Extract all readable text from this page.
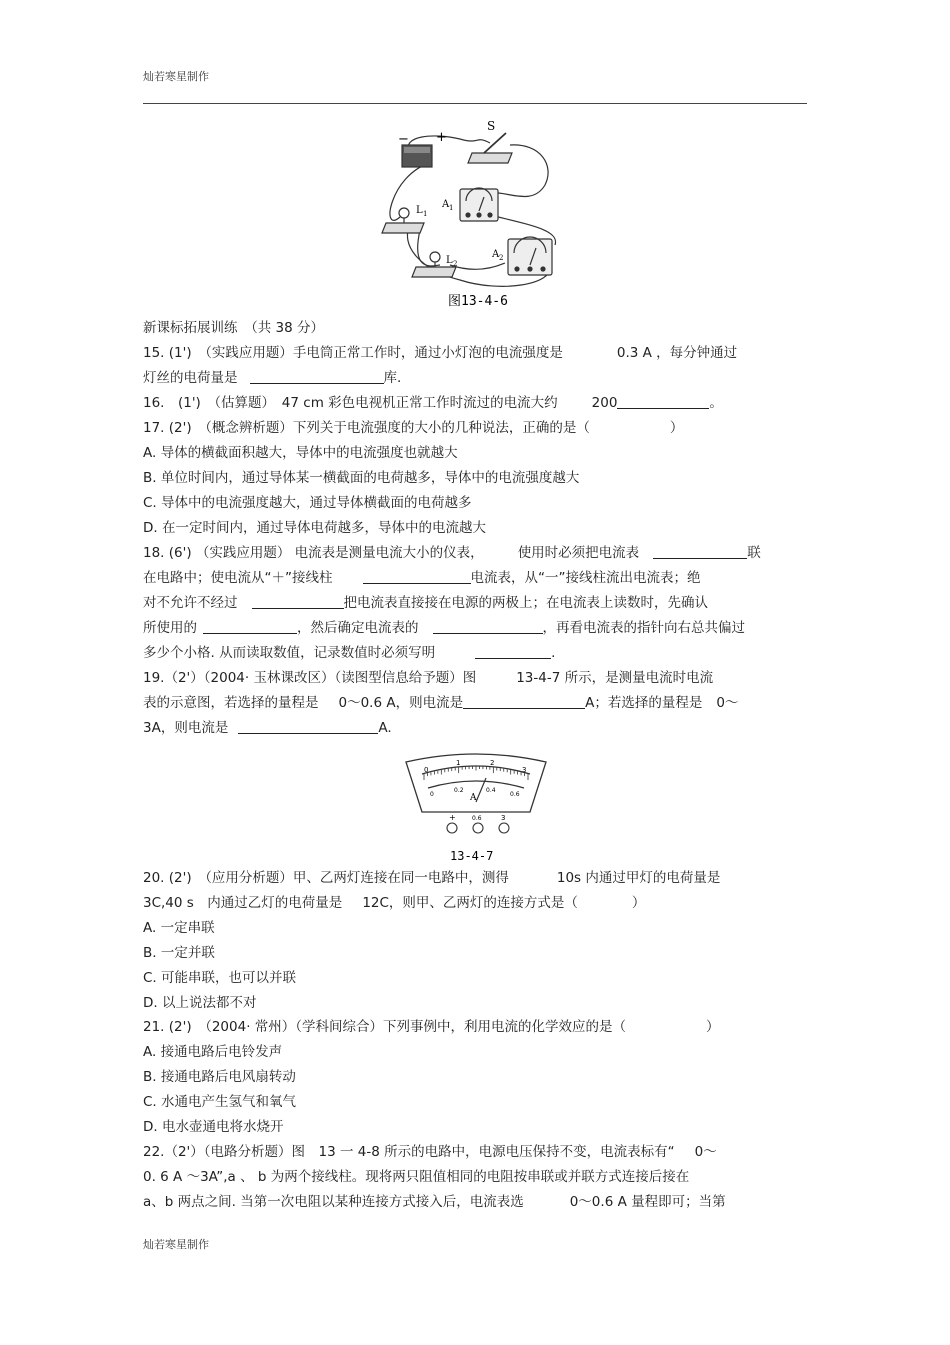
灿若寒星制作
− +
S
L 1
A 1
L 2
A 2
图13-4-6
0
1	2
3
0
0.2	0.4
0.6
A
+	0.6	3
13-4-7
新课标拓展训练　（共 38 分）
15. (1')　（实践应用题）手电筒正常工作时，通过小灯泡的电流强度是	0.3 A ，每分钟通过
灯丝的电荷量是	库.
16.　(1')　（估算题）　47 cm 彩色电视机正常工作时流过的电流大约	200	。
17. (2')　（概念辨析题）下列关于电流强度的大小的几种说法，正确的是（	）
A. 导体的横截面积越大，导体中的电流强度也就越大
B. 单位时间内，通过导体某一横截面的电荷越多，导体中的电流强度越大
C. 导体中的电流强度越大，通过导体横截面的电荷越多
D. 在一定时间内，通过导体电荷越多，导体中的电流越大
18. (6') （实践应用题） 电流表是测量电流大小的仪表，	使用时必须把电流表	联
在电路中；使电流从“＋”接线柱	电流表，从“一”接线柱流出电流表；绝
对不允许不经过	把电流表直接接在电源的两极上；在电流表上读数时，先确认
所使用的	，然后确定电流表的	，再看电流表的指针向右总共偏过
多少个小格. 从而读取数值，记录数值时必须写明	.
19.（2'）（2004· 玉林课改区）（读图型信息给予题）图	13-4-7 所示，是测量电流时电流
表的示意图，若选择的量程是 0～0.6 A，则电流是	A；若选择的量程是 0～
3A，则电流是	A.
20. (2')　（应用分析题）甲、乙两灯连接在同一电路中，测得	10s 内通过甲灯的电荷量是
3C,40 s　内通过乙灯的电荷量是 12C，则甲、乙两灯的连接方式是（	）
A. 一定串联
B. 一定并联
C. 可能串联，也可以并联
D. 以上说法都不对
21. (2')　（2004· 常州）（学科间综合）下列事例中，利用电流的化学效应的是（	）
A. 接通电路后电铃发声
B. 接通电路后电风扇转动
C. 水通电产生氢气和氧气
D. 电水壶通电将水烧开
22.（2'）（电路分析题）图　13 一 4-8 所示的电路中，电源电压保持不变，电流表标有“ 0～
0. 6 A ～3A”,a 、 b 为两个接线柱。现将两只阻值相同的电阻按串联或并联方式连接后接在
a、b 两点之间. 当第一次电阻以某种连接方式接入后，电流表选	0～0.6 A 量程即可；当第
灿若寒星制作
